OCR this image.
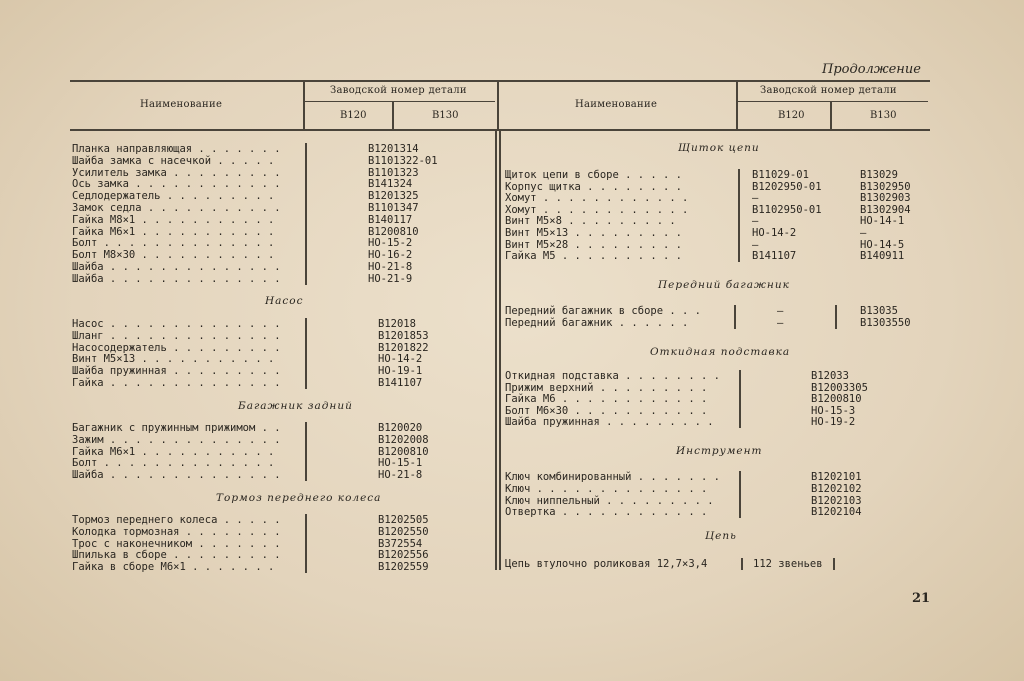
Продолжение
Наименование
Заводской номер детали
В120	В130
Наименование
Заводской номер детали
В120	В130
Планка направляющая . . . . . . .	В1201314
Шайба замка с насечкой . . . . .	В1101322-01
Усилитель замка . . . . . . . . .	В1101323
Ось замка . . . . . . . . . . . .	В141324
Седлодержатель . . . . . . . . .	В1201325
Замок седла . . . . . . . . . . .	В1101347
Гайка М8×1 . . . . . . . . . . .	В140117
Гайка М6×1 . . . . . . . . . . .	В1200810
Болт . . . . . . . . . . . . . .	НО-15-2
Болт М8×30 . . . . . . . . . . .	НО-16-2
Шайба . . . . . . . . . . . . . .	НО-21-8
Шайба . . . . . . . . . . . . . .	НО-21-9
Насос
Насос . . . . . . . . . . . . . .	В12018
Шланг . . . . . . . . . . . . . .	В1201853
Насосодержатель . . . . . . . . .	В1201822
Винт М5×13 . . . . . . . . . . .	НО-14-2
Шайба пружинная . . . . . . . . .	НО-19-1
Гайка . . . . . . . . . . . . . .	В141107
Багажник задний
Багажник с пружинным прижимом . .	В120020
Зажим . . . . . . . . . . . . . .	В1202008
Гайка М6×1 . . . . . . . . . . .	В1200810
Болт . . . . . . . . . . . . . .	НО-15-1
Шайба . . . . . . . . . . . . . .	НО-21-8
Тормоз переднего колеса
Тормоз переднего колеса . . . . .	В1202505
Колодка тормозная . . . . . . . .	В1202550
Трос с наконечником . . . . . . .	В372554
Шпилька в сборе . . . . . . . . .	В1202556
Гайка в сборе М6×1 . . . . . . .	В1202559
Щиток цепи
Щиток цепи в сборе . . . . .	В11029-01	В13029
Корпус щитка . . . . . . . .	В1202950-01	В1302950
Хомут . . . . . . . . . . . .	—	В1302903
Хомут . . . . . . . . . . . .	В1102950-01	В1302904
Винт М5×8 . . . . . . . . .	—	НО-14-1
Винт М5×13 . . . . . . . . .	НО-14-2	—
Винт М5×28 . . . . . . . . .	—	НО-14-5
Гайка М5 . . . . . . . . . .	В141107	В140911
Передний багажник
Передний багажник в сборе . . .	—	В13035
Передний багажник . . . . . .	—	В1303550
Откидная подставка
Откидная подставка . . . . . . . .	В12033
Прижим верхний . . . . . . . . .	В12003305
Гайка М6 . . . . . . . . . . . .	В1200810
Болт М6×30 . . . . . . . . . . .	НО-15-3
Шайба пружинная . . . . . . . . .	НО-19-2
Инструмент
Ключ комбинированный . . . . . . .	В1202101
Ключ . . . . . . . . . . . . . .	В1202102
Ключ ниппельный . . . . . . . . .	В1202103
Отвертка . . . . . . . . . . . .	В1202104
Цепь
Цепь втулочно роликовая 12,7×3,4	112 звеньев
21
